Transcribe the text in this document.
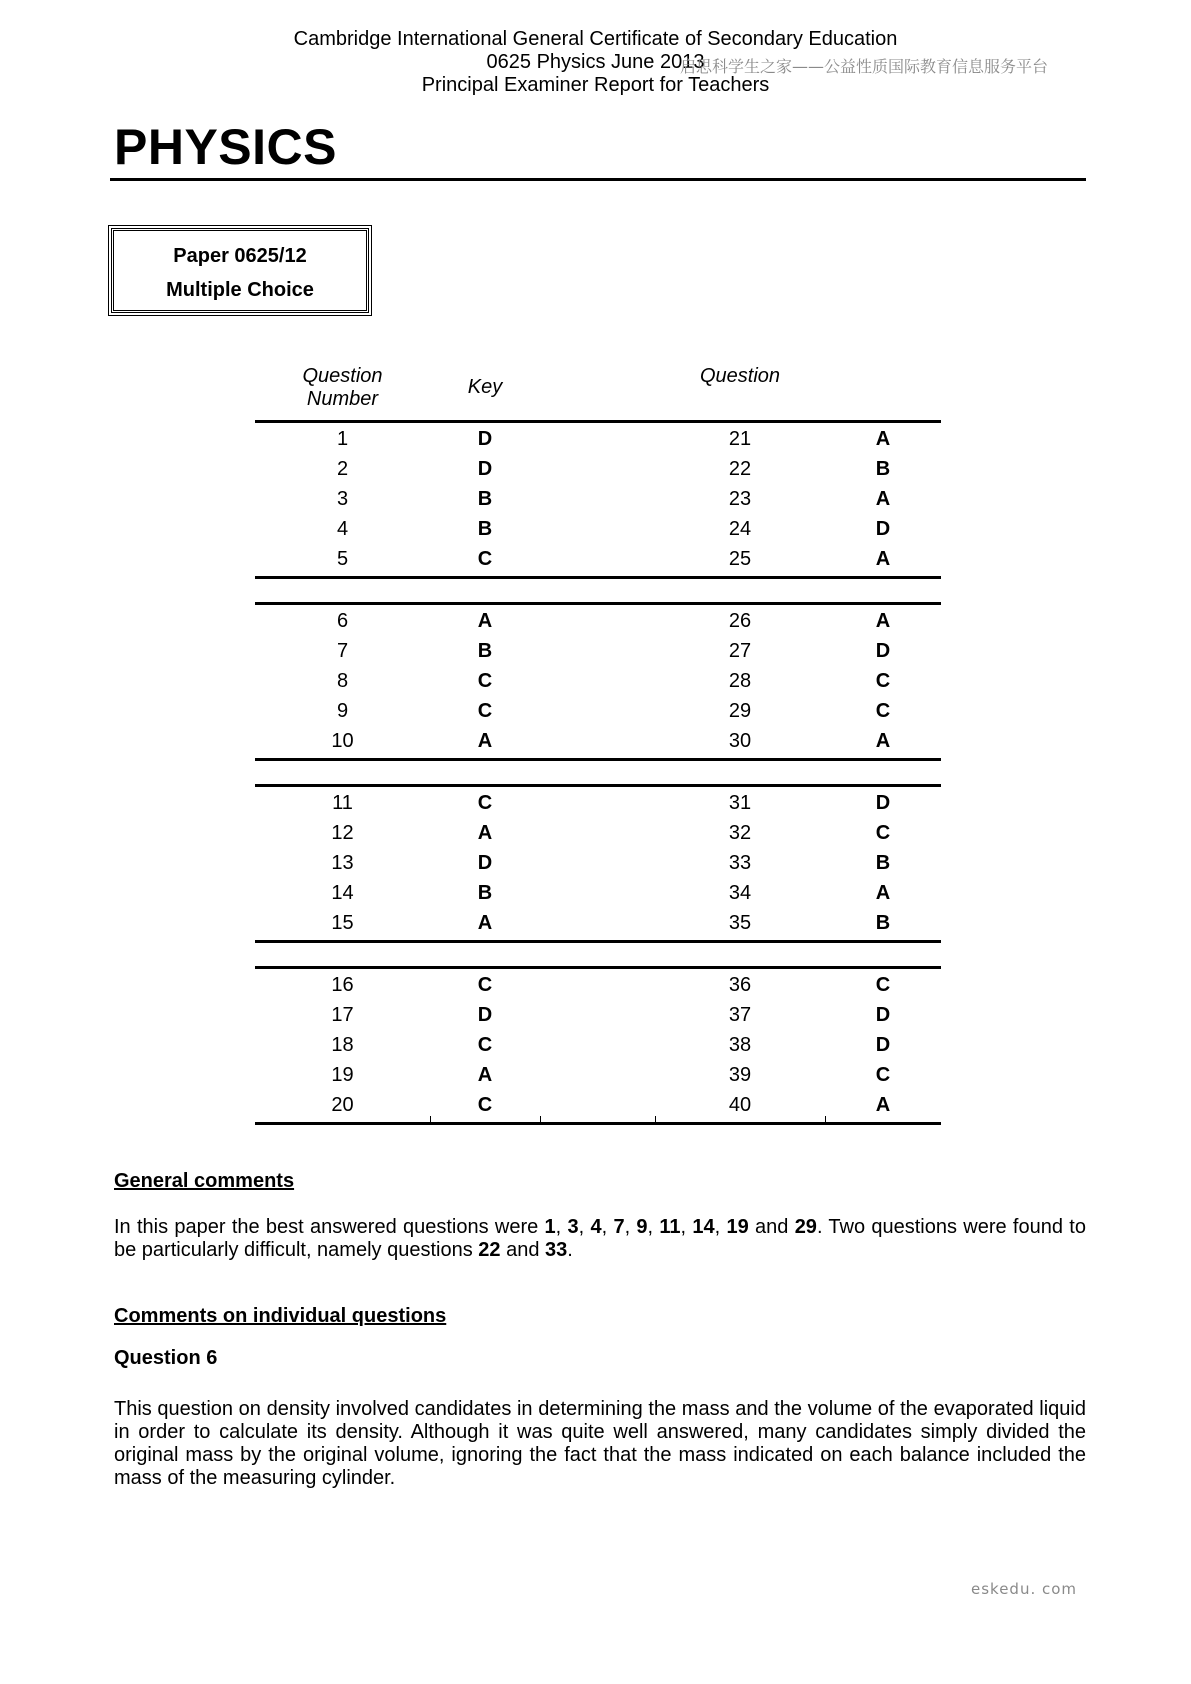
Cambridge International General Certificate of Secondary Education
0625 Physics June 2013
Principal Examiner Report for Teachers
启思科学生之家——公益性质国际教育信息服务平台
PHYSICS
Paper 0625/12
Multiple Choice
Question
Number
Key	Question
1	D	21	A
2	D	22	B
3	B	23	A
4	B	24	D
5	C	25	A
6	A	26	A
7	B	27	D
8	C	28	C
9	C	29	C
10	A	30	A
11	C	31	D
12	A	32	C
13	D	33	B
14	B	34	A
15	A	35	B
16	C	36	C
17	D	37	D
18	C	38	D
19	A	39	C
20	C	40	A
General comments
In this paper the best answered questions were 1, 3, 4, 7, 9, 11, 14, 19 and 29. Two questions were found to be particularly difficult, namely questions 22 and 33.
Comments on individual questions
Question 6
This question on density involved candidates in determining the mass and the volume of the evaporated liquid in order to calculate its density. Although it was quite well answered, many candidates simply divided the original mass by the original volume, ignoring the fact that the mass indicated on each balance included the mass of the measuring cylinder.
eskedu. com
